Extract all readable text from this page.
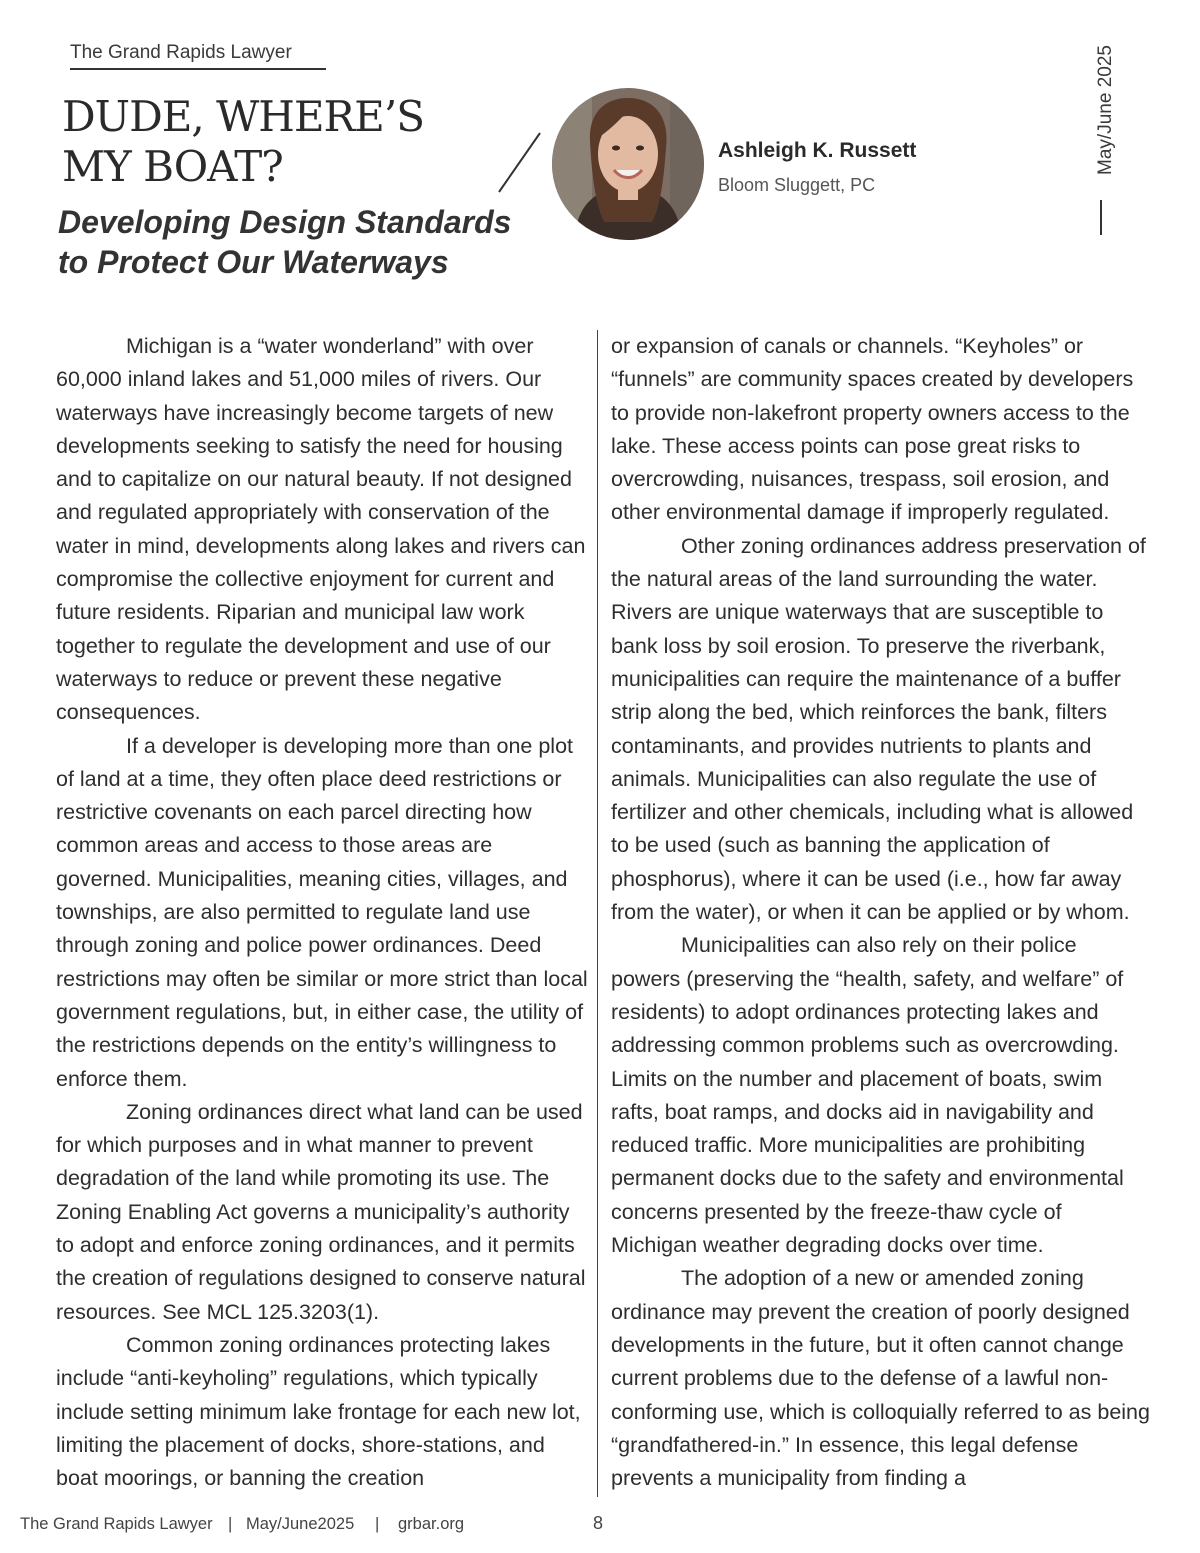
The Grand Rapids Lawyer
DUDE, WHERE’S MY BOAT?
Developing Design Standards to Protect Our Waterways
Ashleigh K. Russett
Bloom Sluggett, PC
May/June 2025

Michigan is a “water wonderland” with over 60,000 inland lakes and 51,000 miles of rivers. Our waterways have increasingly become targets of new developments seeking to satisfy the need for housing and to capitalize on our natural beauty. If not designed and regulated appropriately with conservation of the water in mind, developments along lakes and rivers can compromise the collective enjoyment for current and future residents. Riparian and municipal law work together to regulate the development and use of our waterways to reduce or prevent these negative consequences.

If a developer is developing more than one plot of land at a time, they often place deed restrictions or restrictive covenants on each parcel directing how common areas and access to those areas are governed. Municipalities, meaning cities, villages, and townships, are also permitted to regulate land use through zoning and police power ordinances. Deed restrictions may often be similar or more strict than local government regulations, but, in either case, the utility of the restrictions depends on the entity’s willingness to enforce them.

Zoning ordinances direct what land can be used for which purposes and in what manner to prevent degradation of the land while promoting its use. The Zoning Enabling Act governs a municipality’s authority to adopt and enforce zoning ordinances, and it permits the creation of regulations designed to conserve natural resources. See MCL 125.3203(1).

Common zoning ordinances protecting lakes include “anti-keyholing” regulations, which typically include setting minimum lake frontage for each new lot, limiting the placement of docks, shore-stations, and boat moorings, or banning the creation

or expansion of canals or channels. “Keyholes” or “funnels” are community spaces created by developers to provide non-lakefront property owners access to the lake. These access points can pose great risks to overcrowding, nuisances, trespass, soil erosion, and other environmental damage if improperly regulated.

Other zoning ordinances address preservation of the natural areas of the land surrounding the water. Rivers are unique waterways that are susceptible to bank loss by soil erosion. To preserve the riverbank, municipalities can require the maintenance of a buffer strip along the bed, which reinforces the bank, filters contaminants, and provides nutrients to plants and animals. Municipalities can also regulate the use of fertilizer and other chemicals, including what is allowed to be used (such as banning the application of phosphorus), where it can be used (i.e., how far away from the water), or when it can be applied or by whom.

Municipalities can also rely on their police powers (preserving the “health, safety, and welfare” of residents) to adopt ordinances protecting lakes and addressing common problems such as overcrowding. Limits on the number and placement of boats, swim rafts, boat ramps, and docks aid in navigability and reduced traffic. More municipalities are prohibiting permanent docks due to the safety and environmental concerns presented by the freeze-thaw cycle of Michigan weather degrading docks over time.

The adoption of a new or amended zoning ordinance may prevent the creation of poorly designed developments in the future, but it often cannot change current problems due to the defense of a lawful non-conforming use, which is colloquially referred to as being “grandfathered-in.” In essence, this legal defense prevents a municipality from finding a

The Grand Rapids Lawyer | May/June2025 | grbar.org	8
